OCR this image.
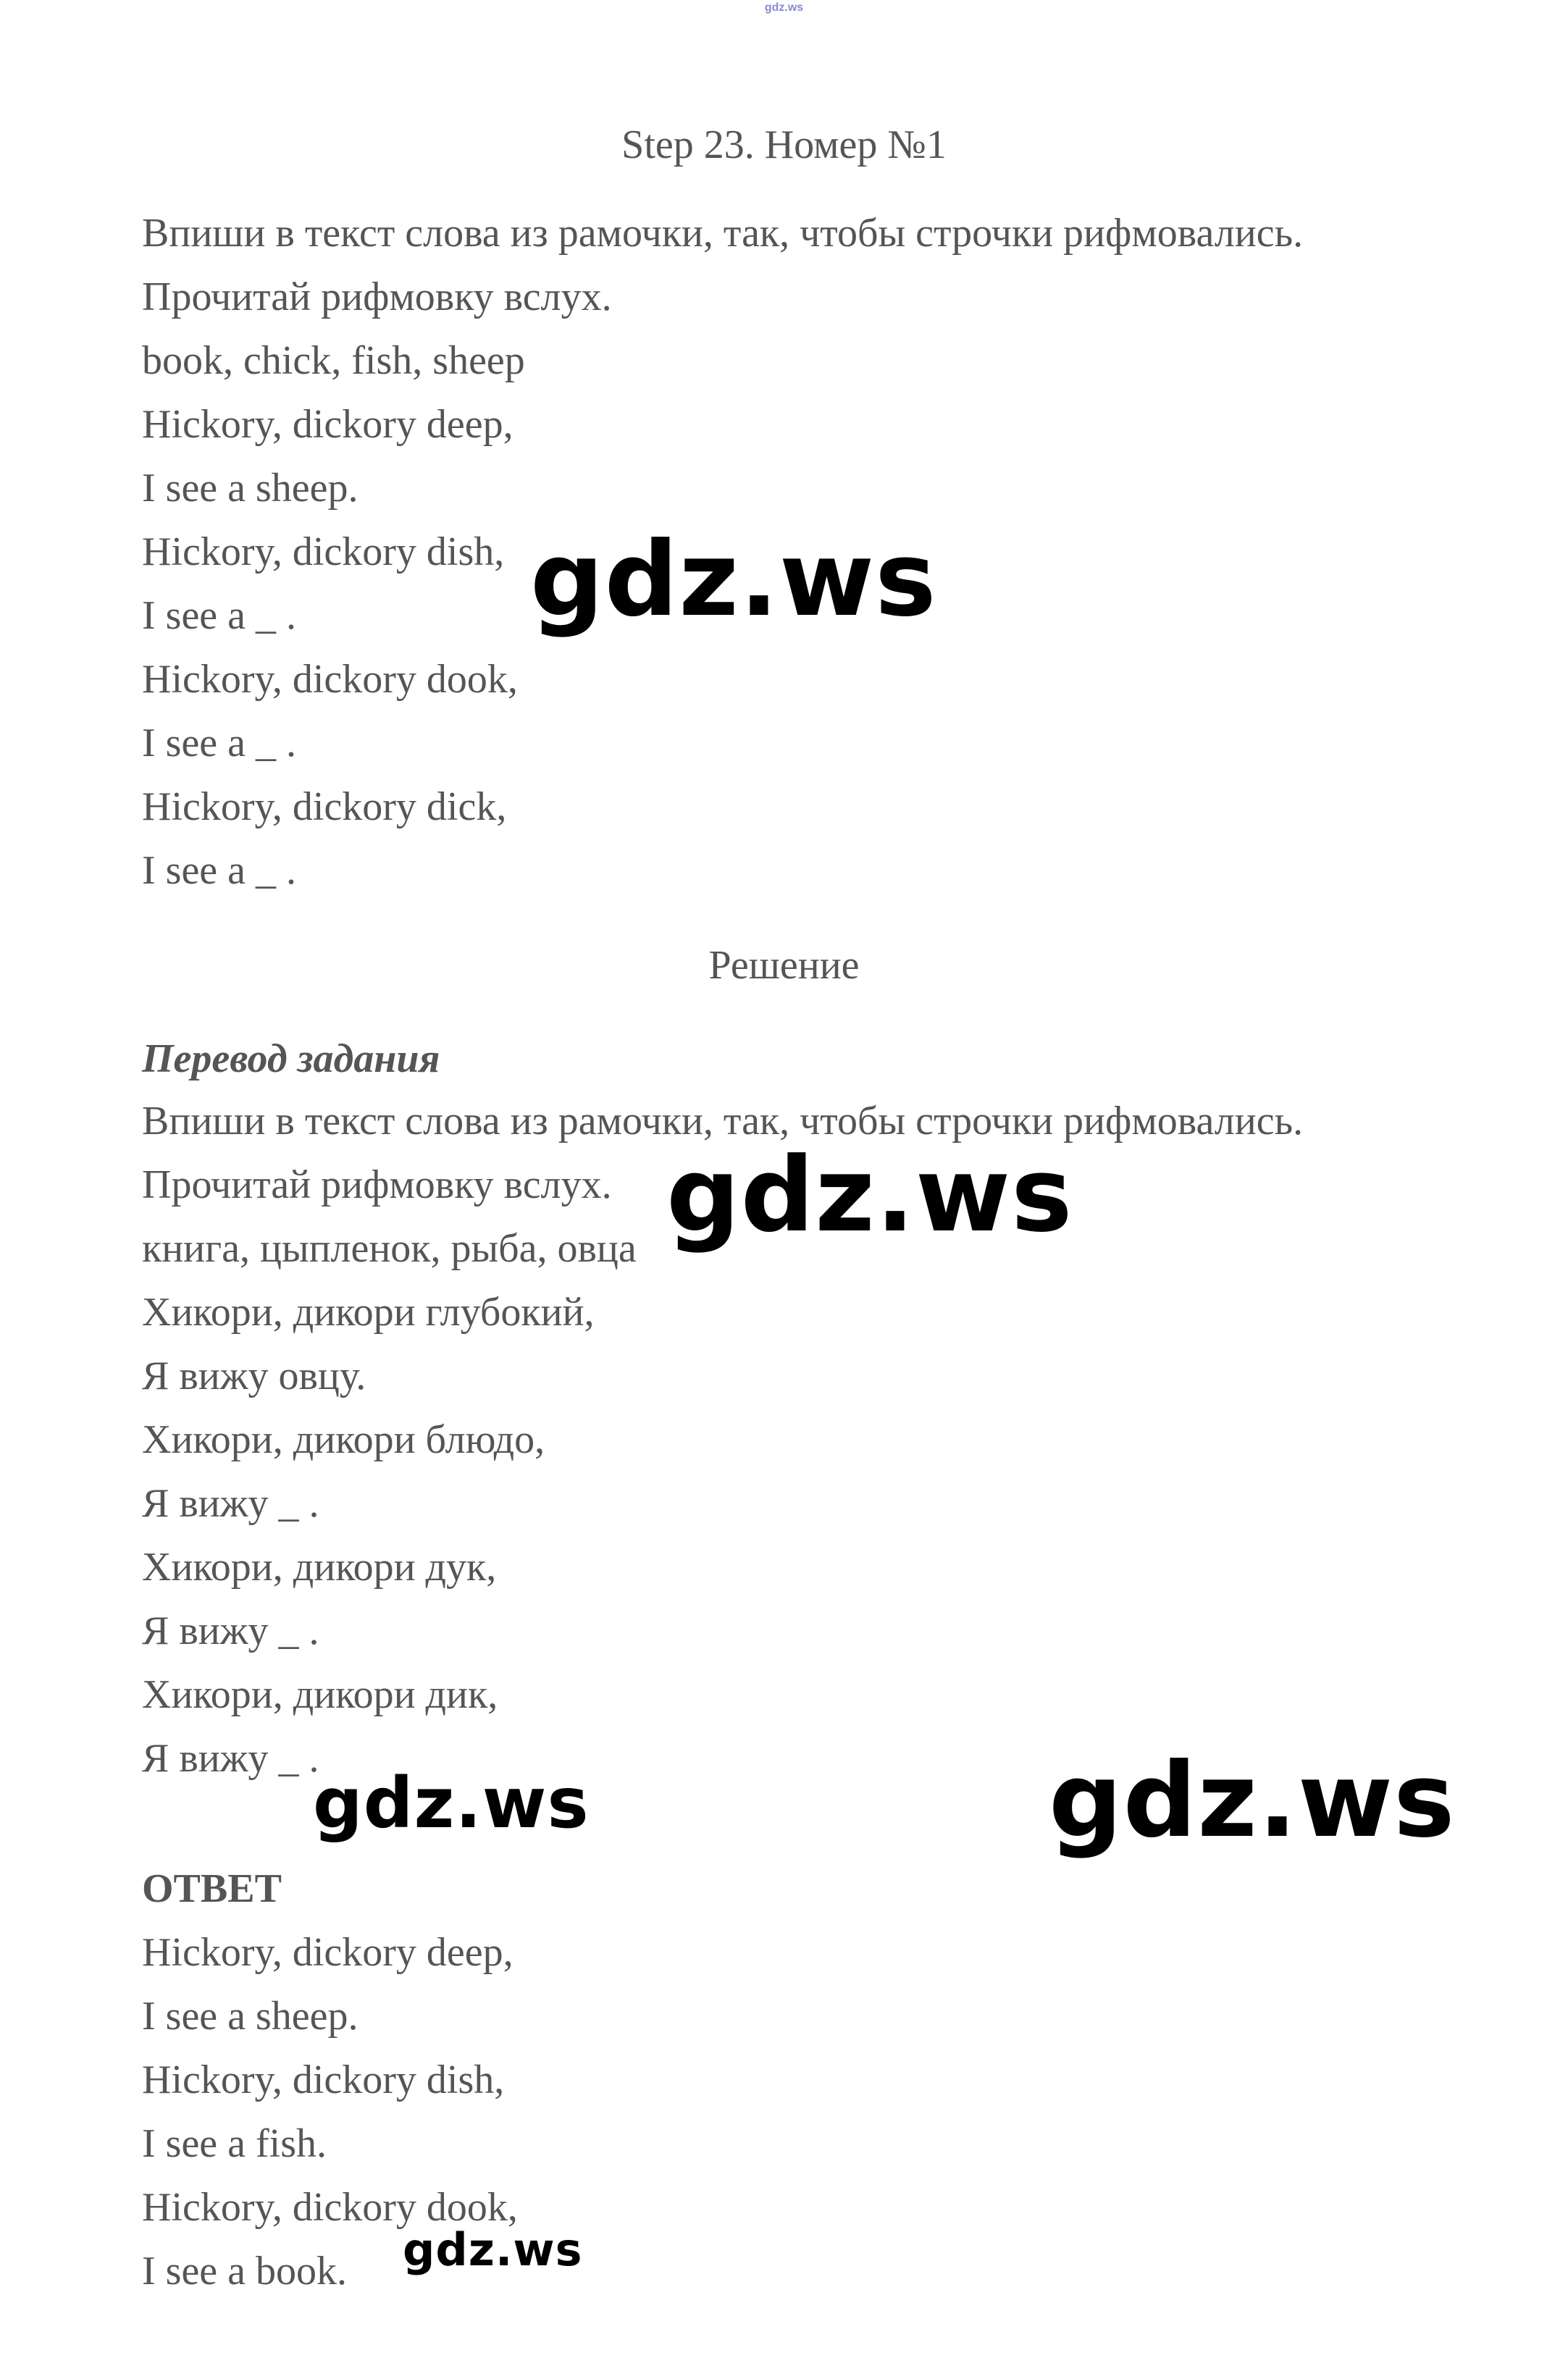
gdz.ws
Step 23. Номер №1
Впиши в текст слова из рамочки, так, чтобы строчки рифмовались.
Прочитай рифмовку вслух.
book, chick, fish, sheep
Hickory, dickory deep,
I see a sheep.
Hickory, dickory dish,
I see a _ .
Hickory, dickory dook,
I see a _ .
Hickory, dickory dick,
I see a _ .
Решение
Перевод задания
Впиши в текст слова из рамочки, так, чтобы строчки рифмовались.
Прочитай рифмовку вслух.
книга, цыпленок, рыба, овца
Хикори, дикори глубокий,
Я вижу овцу.
Хикори, дикори блюдо,
Я вижу _ .
Хикори, дикори дук,
Я вижу _ .
Хикори, дикори дик,
Я вижу _ .
ОТВЕТ
Hickory, dickory deep,
I see a sheep.
Hickory, dickory dish,
I see a fish.
Hickory, dickory dook,
I see a book.
gdz.ws
gdz.ws
gdz.ws	gdz.ws
gdz.ws
